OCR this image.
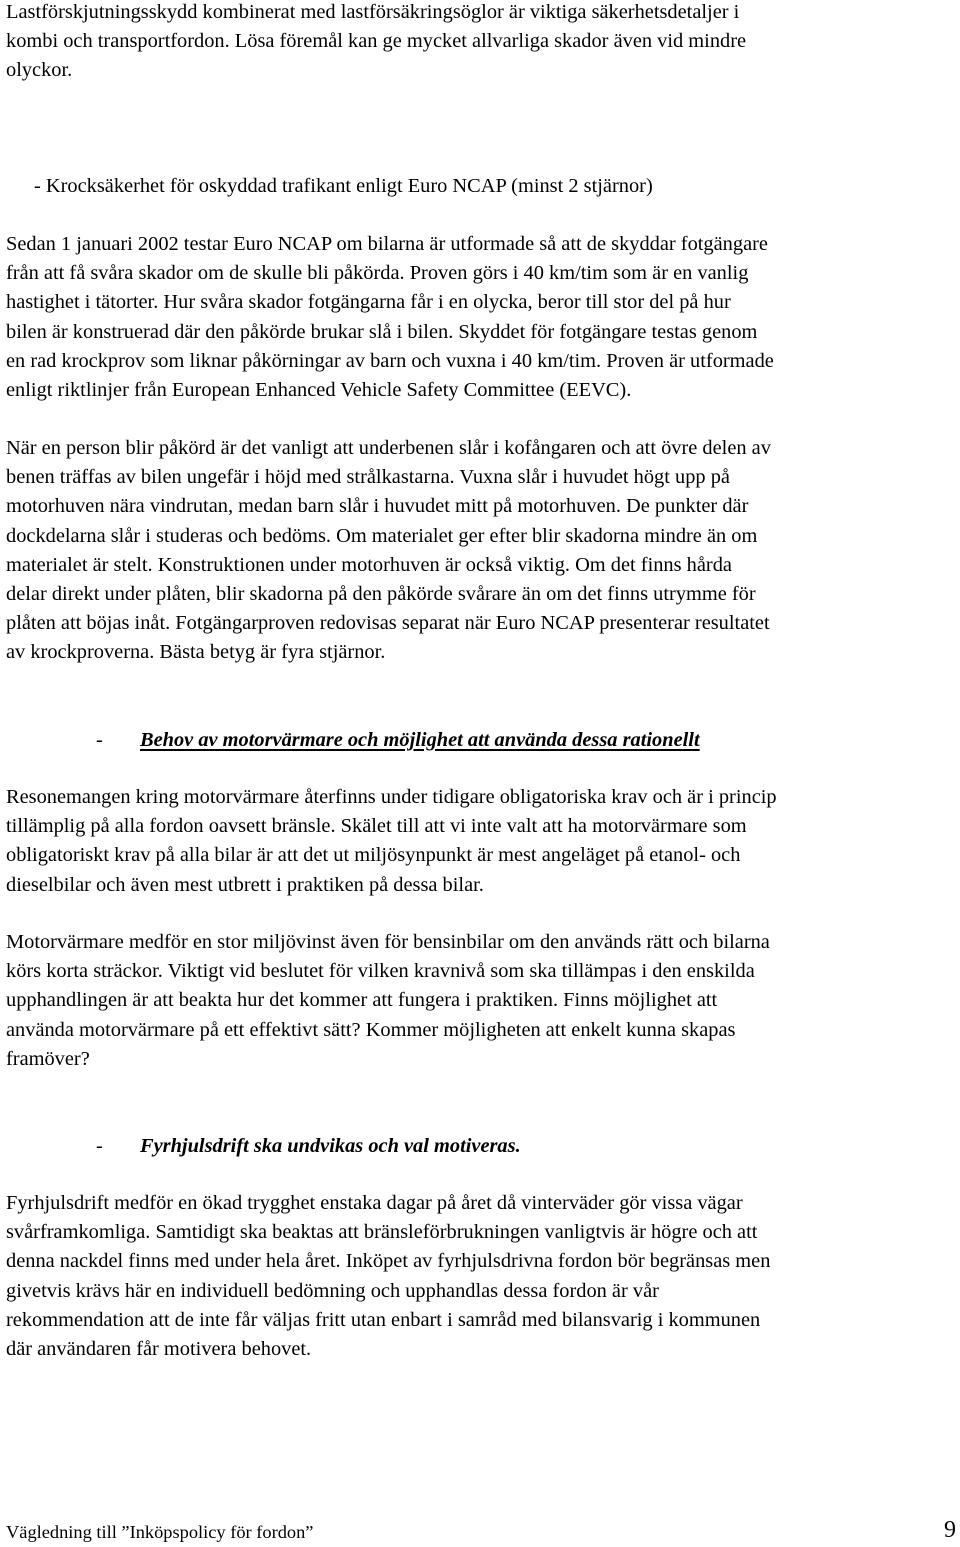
Lastförskjutningsskydd kombinerat med lastförsäkringsöglor är viktiga säkerhetsdetaljer i
kombi och transportfordon. Lösa föremål kan ge mycket allvarliga skador även vid mindre
olyckor.
- Krocksäkerhet för oskyddad trafikant enligt Euro NCAP (minst 2 stjärnor)
Sedan 1 januari 2002 testar Euro NCAP om bilarna är utformade så att de skyddar fotgängare
från att få svåra skador om de skulle bli påkörda. Proven görs i 40 km/tim som är en vanlig
hastighet i tätorter. Hur svåra skador fotgängarna får i en olycka, beror till stor del på hur
bilen är konstruerad där den påkörde brukar slå i bilen. Skyddet för fotgängare testas genom
en rad krockprov som liknar påkörningar av barn och vuxna i 40 km/tim. Proven är utformade
enligt riktlinjer från European Enhanced Vehicle Safety Committee (EEVC).
När en person blir påkörd är det vanligt att underbenen slår i kofångaren och att övre delen av
benen träffas av bilen ungefär i höjd med strålkastarna. Vuxna slår i huvudet högt upp på
motorhuven nära vindrutan, medan barn slår i huvudet mitt på motorhuven. De punkter där
dockdelarna slår i studeras och bedöms. Om materialet ger efter blir skadorna mindre än om
materialet är stelt. Konstruktionen under motorhuven är också viktig. Om det finns hårda
delar direkt under plåten, blir skadorna på den påkörde svårare än om det finns utrymme för
plåten att böjas inåt. Fotgängarproven redovisas separat när Euro NCAP presenterar resultatet
av krockproverna. Bästa betyg är fyra stjärnor.
- Behov av motorvärmare och möjlighet att använda dessa rationellt
Resonemangen kring motorvärmare återfinns under tidigare obligatoriska krav och är i princip
tillämplig på alla fordon oavsett bränsle. Skälet till att vi inte valt att ha motorvärmare som
obligatoriskt krav på alla bilar är att det ut miljösynpunkt är mest angeläget på etanol- och
dieselbilar och även mest utbrett i praktiken på dessa bilar.
Motorvärmare medför en stor miljövinst även för bensinbilar om den används rätt och bilarna
körs korta sträckor. Viktigt vid beslutet för vilken kravnivå som ska tillämpas i den enskilda
upphandlingen är att beakta hur det kommer att fungera i praktiken. Finns möjlighet att
använda motorvärmare på ett effektivt sätt? Kommer möjligheten att enkelt kunna skapas
framöver?
- Fyrhjulsdrift ska undvikas och val motiveras.
Fyrhjulsdrift medför en ökad trygghet enstaka dagar på året då vinterväder gör vissa vägar
svårframkomliga. Samtidigt ska beaktas att bränsleförbrukningen vanligtvis är högre och att
denna nackdel finns med under hela året. Inköpet av fyrhjulsdrivna fordon bör begränsas men
givetvis krävs här en individuell bedömning och upphandlas dessa fordon är vår
rekommendation att de inte får väljas fritt utan enbart i samråd med bilansvarig i kommunen
där användaren får motivera behovet.
Vägledning till ”Inköpspolicy för fordon”	9
